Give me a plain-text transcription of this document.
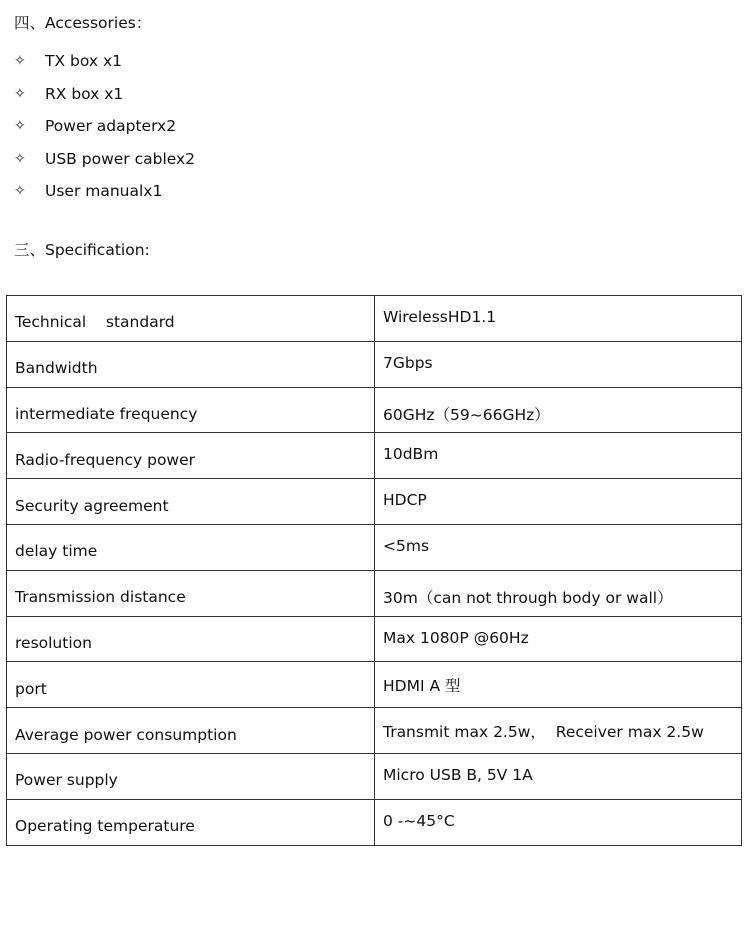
四、Accessories：
✧	TX box x1
✧	RX box x1
✧	Power adapterx2
✧	USB power cablex2
✧	User manualx1
三、Specification:
Technical    standard	WirelessHD1.1
Bandwidth	7Gbps
intermediate frequency	60GHz（59~66GHz）
Radio-frequency power	10dBm
Security agreement	HDCP
delay time	<5ms
Transmission distance	30m（can not through body or wall）
resolution	Max 1080P @60Hz
port	HDMI A 型
Average power consumption	Transmit max 2.5w，  Receiver max 2.5w
Power supply	Micro USB B, 5V 1A
Operating temperature	0 -~45°C
